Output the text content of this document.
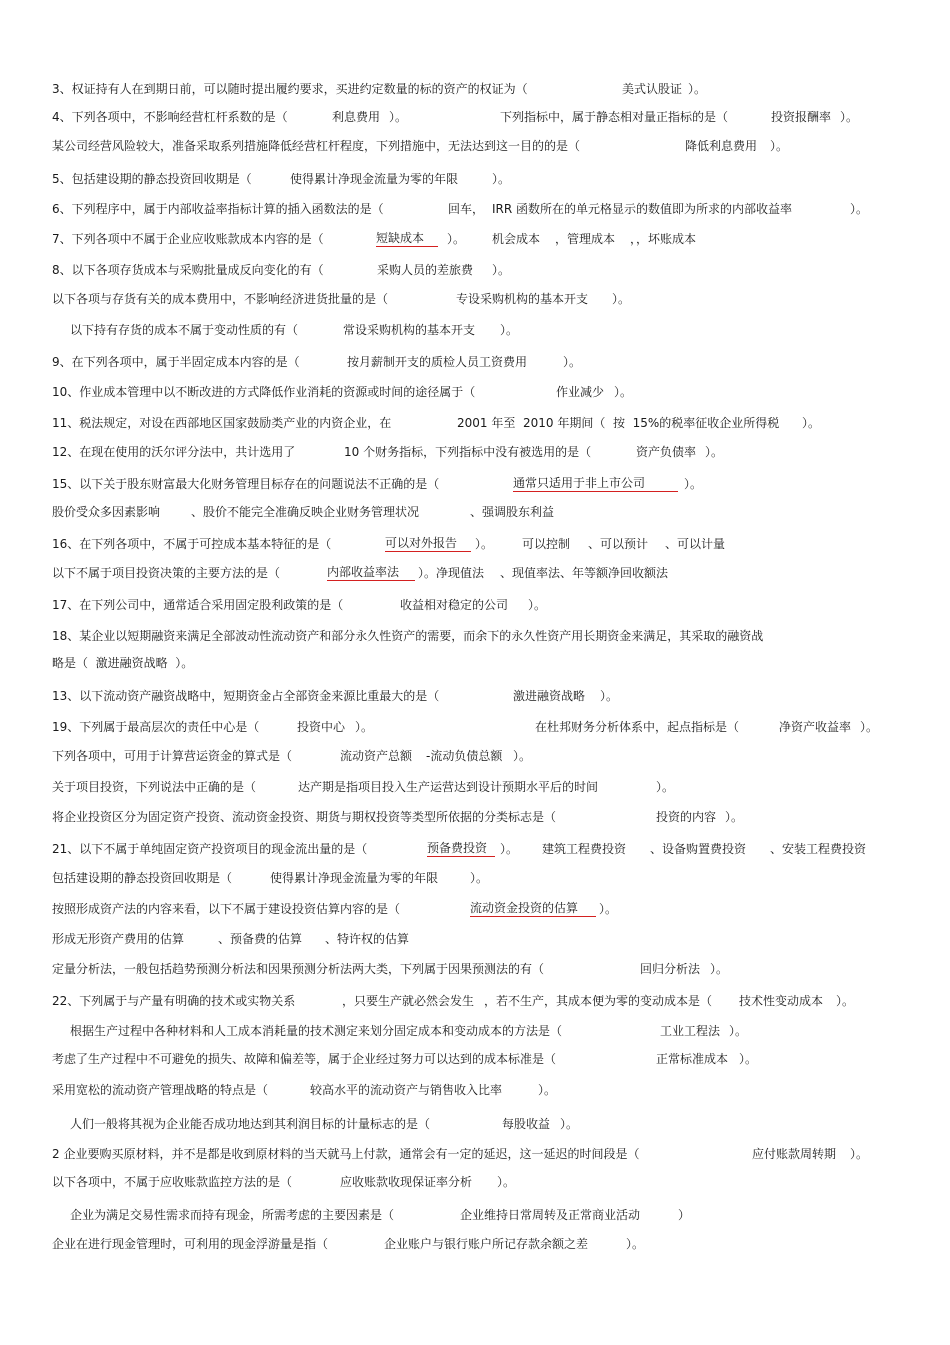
3、权证持有人在到期日前，可以随时提出履约要求，买进约定数量的标的资产的权证为（	美式认股证 ）。
4、下列各项中，不影响经营杠杆系数的是（	利息费用 ）。	下列指标中，属于静态相对量正指标的是（	投资报酬率 ）。
某公司经营风险较大，准备采取系列措施降低经营杠杆程度，下列措施中，无法达到这一目的的是（	降低利息费用 ）。
5、包括建设期的静态投资回收期是（	使得累计净现金流量为零的年限	）。
6、下列程序中，属于内部收益率指标计算的插入函数法的是（	回车， IRR 函数所在的单元格显示的数值即为所求的内部收益率	）。
7、下列各项中不属于企业应收账款成本内容的是（	短缺成本	）。 机会成本 ，管理成本 ，，坏账成本
8、以下各项存货成本与采购批量成反向变化的有（	采购人员的差旅费 ）。
以下各项与存货有关的成本费用中，不影响经济进货批量的是（	专设采购机构的基本开支 ）。
以下持有存货的成本不属于变动性质的有（	常设采购机构的基本开支 ）。
9、在下列各项中，属于半固定成本内容的是（	按月薪制开支的质检人员工资费用	）。
10、作业成本管理中以不断改进的方式降低作业消耗的资源或时间的途径属于（	作业减少 ）。
11、税法规定，对设在西部地区国家鼓励类产业的内资企业，在	2001 年至  2010 年期间（  按  15%的税率征收企业所得税 ）。
12、在现在使用的沃尔评分法中，共计选用了	10 个财务指标，下列指标中没有被选用的是（	资产负债率 ）。
15、以下关于股东财富最大化财务管理目标存在的问题说法不正确的是（	通常只适用于非上市公司	）。
股价受众多因素影响	、股价不能完全准确反映企业财务管理状况	、强调股东利益
16、在下列各项中，不属于可控成本基本特征的是（	可以对外报告	）。 可以控制 、可以预计 、可以计量
以下不属于项目投资决策的主要方法的是（	内部收益率法	）。净现值法 、现值率法、年等额净回收额法
17、在下列公司中，通常适合采用固定股利政策的是（	收益相对稳定的公司 ）。
18、某企业以短期融资来满足全部波动性流动资产和部分永久性资产的需要，而余下的永久性资产用长期资金来满足，其采取的融资战
略是（  激进融资战略  ）。
13、以下流动资产融资战略中，短期资金占全部资金来源比重最大的是（	激进融资战略 ）。
19、下列属于最高层次的责任中心是（	投资中心 ）。	在杜邦财务分析体系中，起点指标是（	净资产收益率 ）。
下列各项中，可用于计算营运资金的算式是（	流动资产总额 -流动负债总额 ）。
关于项目投资，下列说法中正确的是（	达产期是指项目投入生产运营达到设计预期水平后的时间	）。
将企业投资区分为固定资产投资、流动资金投资、期货与期权投资等类型所依据的分类标志是（	投资的内容 ）。
21、以下不属于单纯固定资产投资项目的现金流出量的是（	预备费投资	）。 建筑工程费投资 、设备购置费投资 、安装工程费投资
包括建设期的静态投资回收期是（	使得累计净现金流量为零的年限	）。
按照形成资产法的内容来看，以下不属于建设投资估算内容的是（	流动资金投资的估算	）。
形成无形资产费用的估算	、预备费的估算 、特许权的估算
定量分析法，一般包括趋势预测分析法和因果预测分析法两大类，下列属于因果预测法的有（	回归分析法 ）。
22、下列属于与产量有明确的技术或实物关系	，只要生产就必然会发生 ，若不生产 ，其成本便为零的变动成本是（ 技术性变动成本 ）。
根据生产过程中各种材料和人工成本消耗量的技术测定来划分固定成本和变动成本的方法是（	工业工程法 ）。
考虑了生产过程中不可避免的损失、故障和偏差等，属于企业经过努力可以达到的成本标准是（	正常标准成本 ）。
采用宽松的流动资产管理战略的特点是（	较高水平的流动资产与销售收入比率	）。
人们一般将其视为企业能否成功地达到其利润目标的计量标志的是（	每股收益 ）。
2 企业要购买原材料，并不是都是收到原材料的当天就马上付款，通常会有一定的延迟，这一延迟的时间段是（	应付账款周转期 ）。
以下各项中，不属于应收账款监控方法的是（	应收账款收现保证率分析 ）。
企业为满足交易性需求而持有现金，所需考虑的主要因素是（	企业维持日常周转及正常商业活动	）
企业在进行现金管理时，可利用的现金浮游量是指（	企业账户与银行账户所记存款余额之差	）。
